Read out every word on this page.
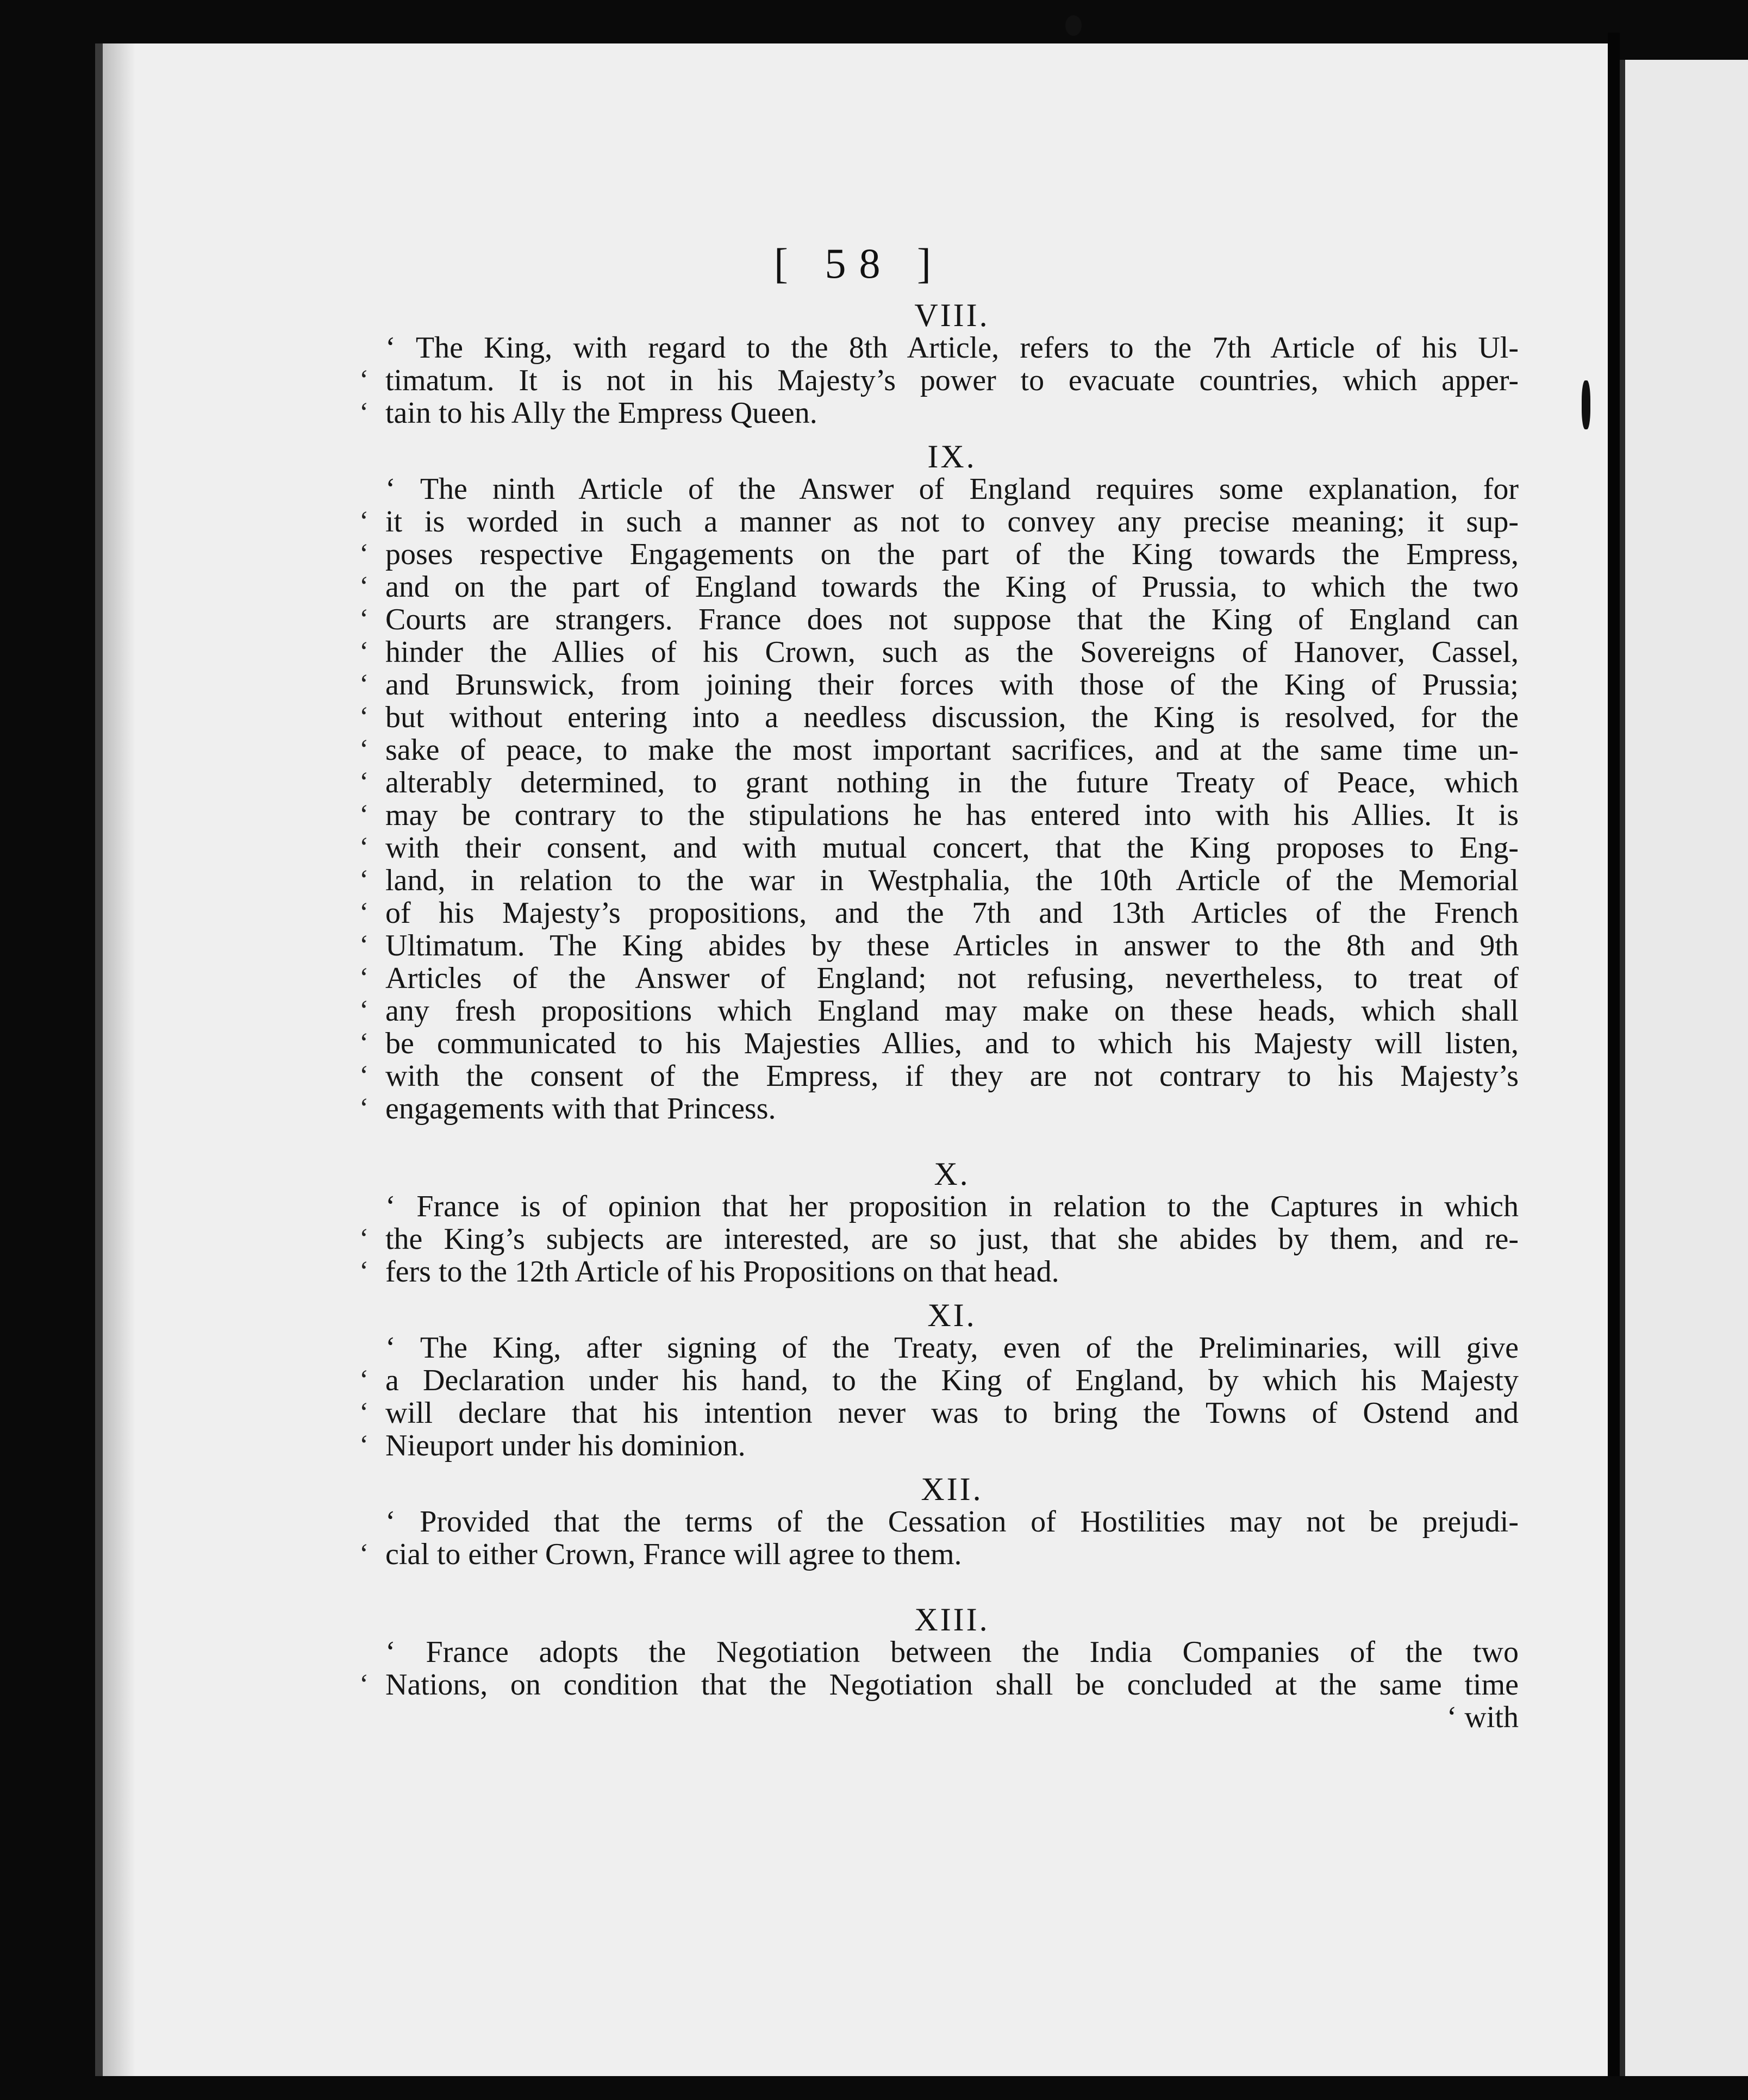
[ 58 ]
VIII.
‘ The King, with regard to the 8th Article, refers to the 7th Article of his Ul-
‘ timatum. It is not in his Majesty’s power to evacuate countries, which apper-
‘ tain to his Ally the Empress Queen.
IX.
‘ The ninth Article of the Answer of England requires some explanation, for
‘ it is worded in such a manner as not to convey any precise meaning; it sup-
‘ poses respective Engagements on the part of the King towards the Empress,
‘ and on the part of England towards the King of Prussia, to which the two
‘ Courts are strangers. France does not suppose that the King of England can
‘ hinder the Allies of his Crown, such as the Sovereigns of Hanover, Cassel,
‘ and Brunswick, from joining their forces with those of the King of Prussia;
‘ but without entering into a needless discussion, the King is resolved, for the
‘ sake of peace, to make the most important sacrifices, and at the same time un-
‘ alterably determined, to grant nothing in the future Treaty of Peace, which
‘ may be contrary to the stipulations he has entered into with his Allies. It is
‘ with their consent, and with mutual concert, that the King proposes to Eng-
‘ land, in relation to the war in Westphalia, the 10th Article of the Memorial
‘ of his Majesty’s propositions, and the 7th and 13th Articles of the French
‘ Ultimatum. The King abides by these Articles in answer to the 8th and 9th
‘ Articles of the Answer of England; not refusing, nevertheless, to treat of
‘ any fresh propositions which England may make on these heads, which shall
‘ be communicated to his Majesties Allies, and to which his Majesty will listen,
‘ with the consent of the Empress, if they are not contrary to his Majesty’s
‘ engagements with that Princess.
X.
‘ France is of opinion that her proposition in relation to the Captures in which
‘ the King’s subjects are interested, are so just, that she abides by them, and re-
‘ fers to the 12th Article of his Propositions on that head.
XI.
‘ The King, after signing of the Treaty, even of the Preliminaries, will give
‘ a Declaration under his hand, to the King of England, by which his Majesty
‘ will declare that his intention never was to bring the Towns of Ostend and
‘ Nieuport under his dominion.
XII.
‘ Provided that the terms of the Cessation of Hostilities may not be prejudi-
‘ cial to either Crown, France will agree to them.
XIII.
‘ France adopts the Negotiation between the India Companies of the two
‘ Nations, on condition that the Negotiation shall be concluded at the same time
‘ with
